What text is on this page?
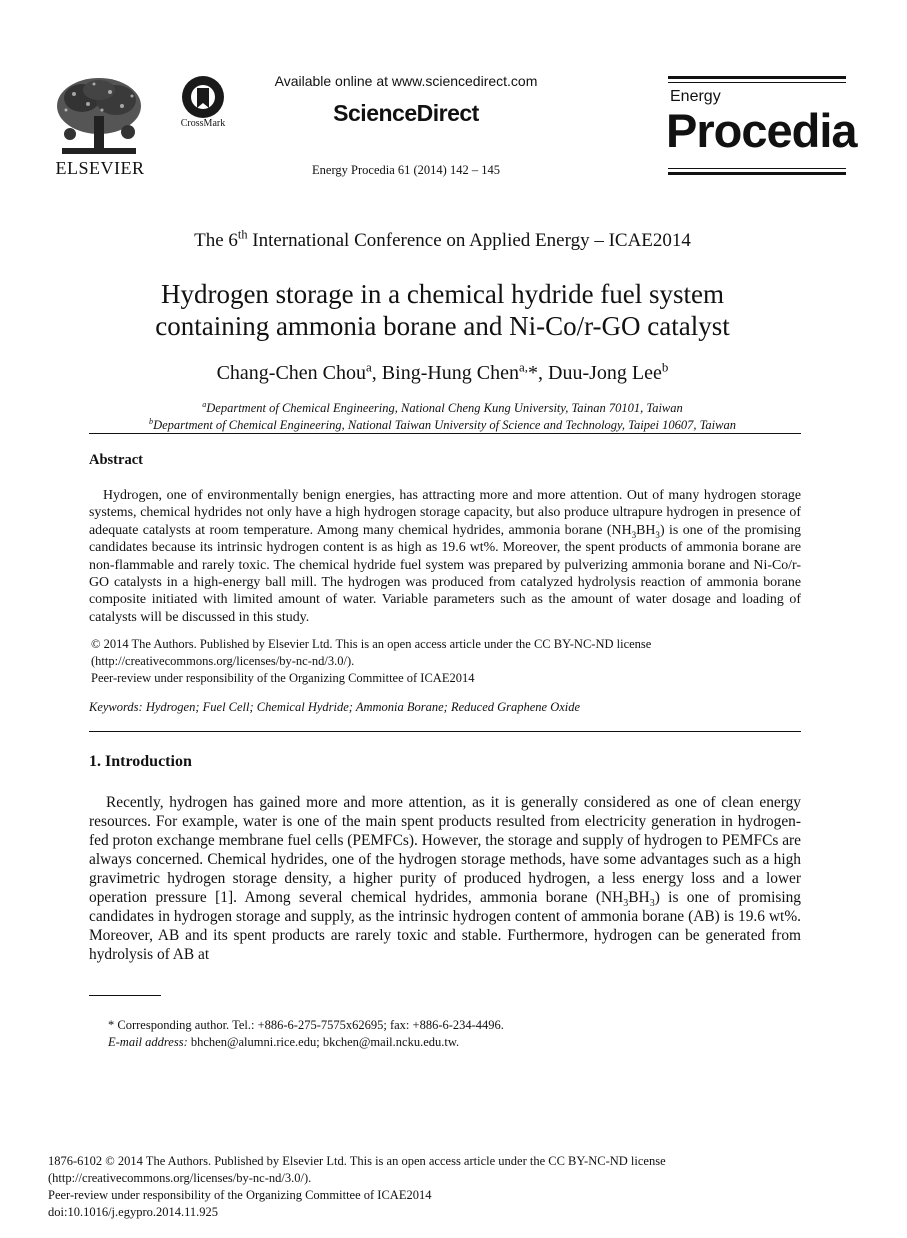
ELSEVIER
CrossMark
Available online at www.sciencedirect.com
ScienceDirect
Energy Procedia 61 (2014) 142 – 145
Energy
Procedia
The 6th International Conference on Applied Energy – ICAE2014
Hydrogen storage in a chemical hydride fuel system
containing ammonia borane and Ni-Co/r-GO catalyst
Chang-Chen Chou$^a$, Bing-Hung Chen$^{a,}$*, Duu-Jong Lee$^b$
$^a$Department of Chemical Engineering, National Cheng Kung University, Tainan 70101, Taiwan
$^b$Department of Chemical Engineering, National Taiwan University of Science and Technology, Taipei 10607, Taiwan
Abstract
Hydrogen, one of environmentally benign energies, has attracting more and more attention. Out of many hydrogen storage systems, chemical hydrides not only have a high hydrogen storage capacity, but also produce ultrapure hydrogen in presence of adequate catalysts at room temperature. Among many chemical hydrides, ammonia borane $(NH_3BH_3)$ is one of the promising candidates because its intrinsic hydrogen content is as high as 19.6 wt%. Moreover, the spent products of ammonia borane are non-flammable and rarely toxic. The chemical hydride fuel system was prepared by pulverizing ammonia borane and Ni-Co/r-GO catalysts in a high-energy ball mill. The hydrogen was produced from catalyzed hydrolysis reaction of ammonia borane composite initiated with limited amount of water. Variable parameters such as the amount of water dosage and loading of catalysts will be discussed in this study.
© 2014 The Authors. Published by Elsevier Ltd. This is an open access article under the CC BY-NC-ND license
(http://creativecommons.org/licenses/by-nc-nd/3.0/).
Peer-review under responsibility of the Organizing Committee of ICAE2014
Keywords: Hydrogen; Fuel Cell; Chemical Hydride; Ammonia Borane; Reduced Graphene Oxide
1. Introduction
Recently, hydrogen has gained more and more attention, as it is generally considered as one of clean energy resources. For example, water is one of the main spent products resulted from electricity generation in hydrogen-fed proton exchange membrane fuel cells (PEMFCs). However, the storage and supply of hydrogen to PEMFCs are always concerned. Chemical hydrides, one of the hydrogen storage methods, have some advantages such as a high gravimetric hydrogen storage density, a higher purity of produced hydrogen, a less energy loss and a lower operation pressure [1]. Among several chemical hydrides, ammonia borane $(NH_3BH_3)$ is one of promising candidates in hydrogen storage and supply, as the intrinsic hydrogen content of ammonia borane (AB) is 19.6 wt%. Moreover, AB and its spent products are rarely toxic and stable. Furthermore, hydrogen can be generated from hydrolysis of AB at
* Corresponding author. Tel.: +886-6-275-7575x62695; fax: +886-6-234-4496.
E-mail address: bhchen@alumni.rice.edu; bkchen@mail.ncku.edu.tw.
1876-6102 © 2014 The Authors. Published by Elsevier Ltd. This is an open access article under the CC BY-NC-ND license
(http://creativecommons.org/licenses/by-nc-nd/3.0/).
Peer-review under responsibility of the Organizing Committee of ICAE2014
doi:10.1016/j.egypro.2014.11.925
